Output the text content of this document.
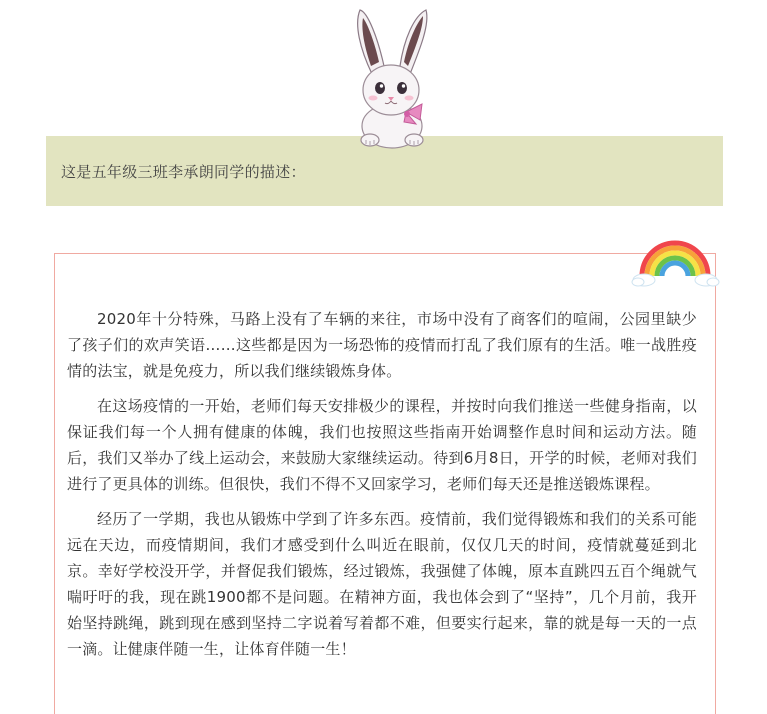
这是五年级三班李承朗同学的描述：

2020年十分特殊，马路上没有了车辆的来往，市场中没有了商客们的喧闹，公园里缺少了孩子们的欢声笑语……这些都是因为一场恐怖的疫情而打乱了我们原有的生活。唯一战胜疫情的法宝，就是免疫力，所以我们继续锻炼身体。

在这场疫情的一开始，老师们每天安排极少的课程，并按时向我们推送一些健身指南，以保证我们每一个人拥有健康的体魄，我们也按照这些指南开始调整作息时间和运动方法。随后，我们又举办了线上运动会，来鼓励大家继续运动。待到6月8日，开学的时候，老师对我们进行了更具体的训练。但很快，我们不得不又回家学习，老师们每天还是推送锻炼课程。

经历了一学期，我也从锻炼中学到了许多东西。疫情前，我们觉得锻炼和我们的关系可能远在天边，而疫情期间，我们才感受到什么叫近在眼前，仅仅几天的时间，疫情就蔓延到北京。幸好学校没开学，并督促我们锻炼，经过锻炼，我强健了体魄，原本直跳四五百个绳就气喘吁吁的我，现在跳1900都不是问题。在精神方面，我也体会到了“坚持”，几个月前，我开始坚持跳绳，跳到现在感到坚持二字说着写着都不难，但要实行起来，靠的就是每一天的一点一滴。让健康伴随一生，让体育伴随一生！
